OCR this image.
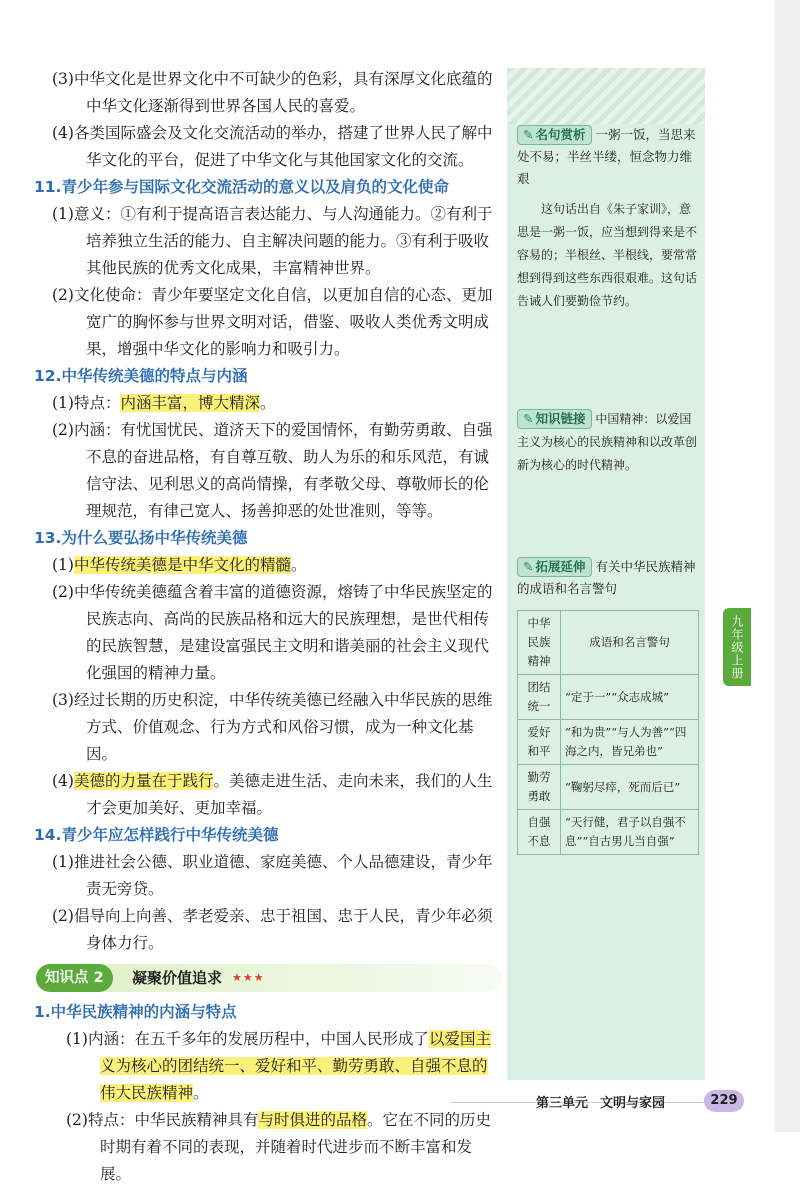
(3)中华文化是世界文化中不可缺少的色彩，具有深厚文化底蕴的中华文化逐渐得到世界各国人民的喜爱。

(4)各类国际盛会及文化交流活动的举办，搭建了世界人民了解中华文化的平台，促进了中华文化与其他国家文化的交流。

11.青少年参与国际文化交流活动的意义以及肩负的文化使命

(1)意义：①有利于提高语言表达能力、与人沟通能力。②有利于培养独立生活的能力、自主解决问题的能力。③有利于吸收其他民族的优秀文化成果，丰富精神世界。

(2)文化使命：青少年要坚定文化自信，以更加自信的心态、更加宽广的胸怀参与世界文明对话，借鉴、吸收人类优秀文明成果，增强中华文化的影响力和吸引力。

12.中华传统美德的特点与内涵

(1)特点：内涵丰富，博大精深。

(2)内涵：有忧国忧民、道济天下的爱国情怀，有勤劳勇敢、自强不息的奋进品格，有自尊互敬、助人为乐的和乐风范，有诚信守法、见利思义的高尚情操，有孝敬父母、尊敬师长的伦理规范，有律己宽人、扬善抑恶的处世准则，等等。

13.为什么要弘扬中华传统美德

(1)中华传统美德是中华文化的精髓。

(2)中华传统美德蕴含着丰富的道德资源，熔铸了中华民族坚定的民族志向、高尚的民族品格和远大的民族理想，是世代相传的民族智慧，是建设富强民主文明和谐美丽的社会主义现代化强国的精神力量。

(3)经过长期的历史积淀，中华传统美德已经融入中华民族的思维方式、价值观念、行为方式和风俗习惯，成为一种文化基因。

(4)美德的力量在于践行。美德走进生活、走向未来，我们的人生才会更加美好、更加幸福。

14.青少年应怎样践行中华传统美德

(1)推进社会公德、职业道德、家庭美德、个人品德建设，青少年责无旁贷。

(2)倡导向上向善、孝老爱亲、忠于祖国、忠于人民，青少年必须身体力行。

知识点 2	凝聚价值追求 ★★★
1.中华民族精神的内涵与特点

(1)内涵：在五千多年的发展历程中，中国人民形成了以爱国主义为核心的团结统一、爱好和平、勤劳勇敢、自强不息的伟大民族精神。

(2)特点：中华民族精神具有与时俱进的品格。它在不同的历史时期有着不同的表现，并随着时代进步而不断丰富和发展。

✎ 名句赏析 一粥一饭，当思来处不易；半丝半缕，恒念物力维艰

这句话出自《朱子家训》，意思是一粥一饭，应当想到得来是不容易的；半根丝、半根线，要常常想到得到这些东西很艰难。这句话告诫人们要勤俭节约。

✎ 知识链接 中国精神：以爱国主义为核心的民族精神和以改革创新为核心的时代精神。

✎ 拓展延伸 有关中华民族精神的成语和名言警句

中华民族精神	成语和名言警句
团结统一	“定于一”“众志成城”
爱好和平	“和为贵”“与人为善”“四海之内，皆兄弟也”
勤劳勇敢	“鞠躬尽瘁，死而后已”
自强不息	“天行健，君子以自强不息”“自古男儿当自强”
九年级上册
第三单元 文明与家园	229
